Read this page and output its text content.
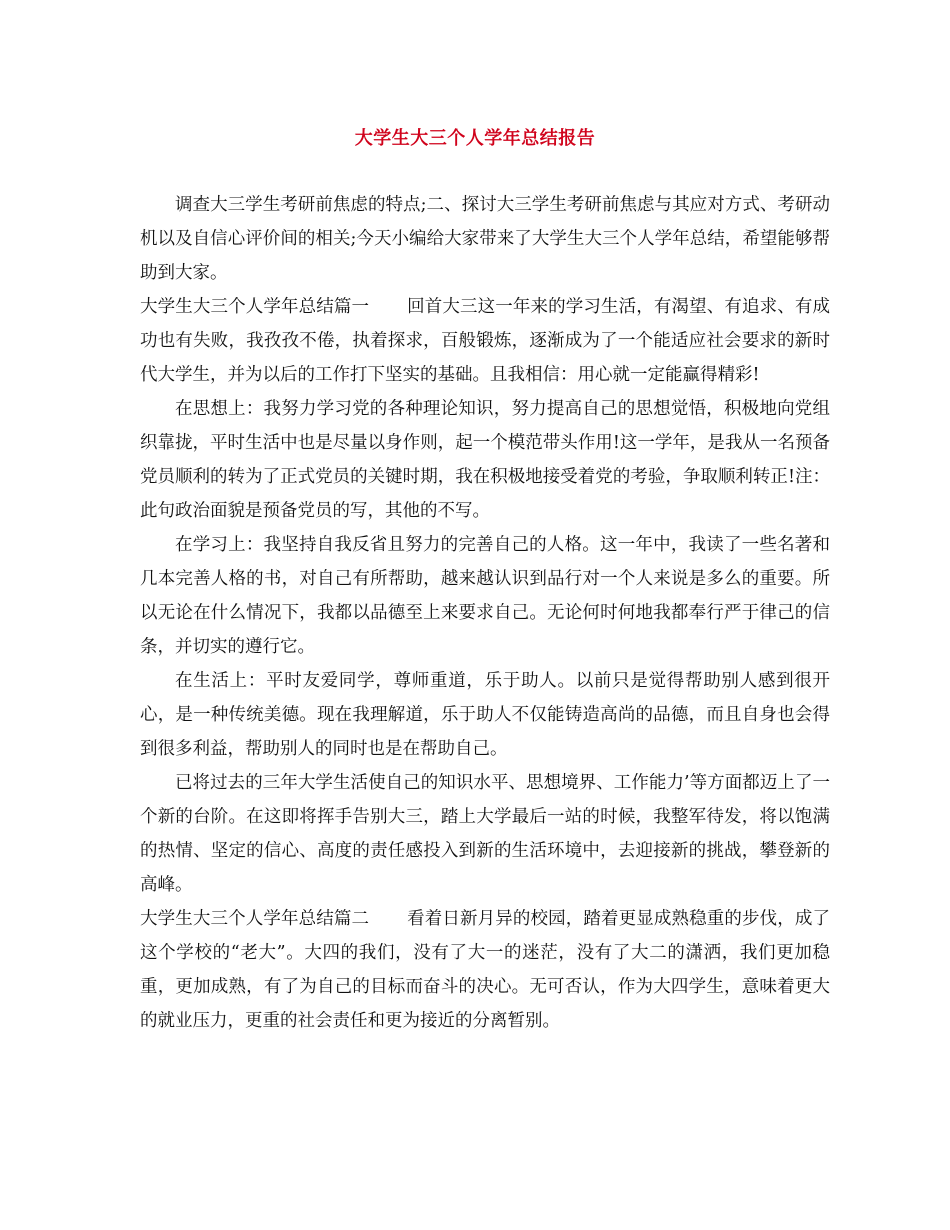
大学生大三个人学年总结报告

调查大三学生考研前焦虑的特点;二、探讨大三学生考研前焦虑与其应对方式、考研动机以及自信心评价间的相关;今天小编给大家带来了大学生大三个人学年总结，希望能够帮助到大家。

大学生大三个人学年总结篇一 回首大三这一年来的学习生活，有渴望、有追求、有成功也有失败，我孜孜不倦，执着探求，百般锻炼，逐渐成为了一个能适应社会要求的新时代大学生，并为以后的工作打下坚实的基础。且我相信：用心就一定能赢得精彩!

在思想上：我努力学习党的各种理论知识，努力提高自己的思想觉悟，积极地向党组织靠拢，平时生活中也是尽量以身作则，起一个模范带头作用!这一学年，是我从一名预备党员顺利的转为了正式党员的关键时期，我在积极地接受着党的考验，争取顺利转正!注：此句政治面貌是预备党员的写，其他的不写。

在学习上：我坚持自我反省且努力的完善自己的人格。这一年中，我读了一些名著和几本完善人格的书，对自己有所帮助，越来越认识到品行对一个人来说是多么的重要。所以无论在什么情况下，我都以品德至上来要求自己。无论何时何地我都奉行严于律己的信条，并切实的遵行它。

在生活上：平时友爱同学，尊师重道，乐于助人。以前只是觉得帮助别人感到很开心，是一种传统美德。现在我理解道，乐于助人不仅能铸造高尚的品德，而且自身也会得到很多利益，帮助别人的同时也是在帮助自己。

已将过去的三年大学生活使自己的知识水平、思想境界、工作能力’等方面都迈上了一个新的台阶。在这即将挥手告别大三，踏上大学最后一站的时候，我整军待发，将以饱满的热情、坚定的信心、高度的责任感投入到新的生活环境中，去迎接新的挑战，攀登新的高峰。

大学生大三个人学年总结篇二 看着日新月异的校园，踏着更显成熟稳重的步伐，成了这个学校的“老大”。大四的我们，没有了大一的迷茫，没有了大二的潇洒，我们更加稳重，更加成熟，有了为自己的目标而奋斗的决心。无可否认，作为大四学生，意味着更大的就业压力，更重的社会责任和更为接近的分离暂别。
